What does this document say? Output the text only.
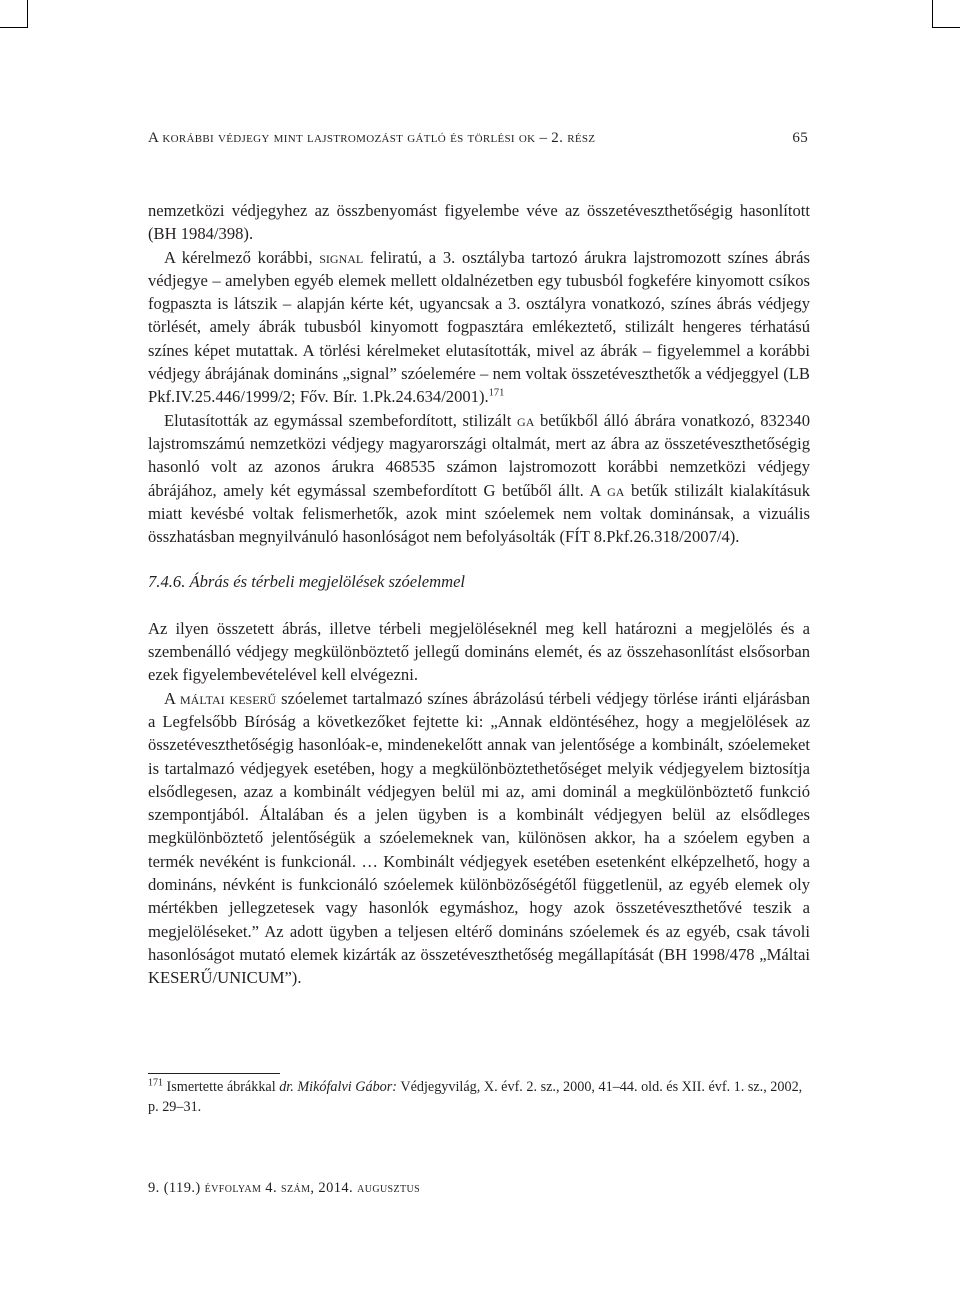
A korábbi védjegy mint lajstromozást gátló és törlési ok – 2. rész	65

nemzetközi védjegyhez az összbenyomást figyelembe véve az összetéveszthetőségig hasonlított (BH 1984/398).

A kérelmező korábbi, signal feliratú, a 3. osztályba tartozó árukra lajstromozott színes ábrás védjegye – amelyben egyéb elemek mellett oldalnézetben egy tubusból fogkefére kinyomott csíkos fogpaszta is látszik – alapján kérte két, ugyancsak a 3. osztályra vonatkozó, színes ábrás védjegy törlését, amely ábrák tubusból kinyomott fogpasztára emlékeztető, stilizált hengeres térhatású színes képet mutattak. A törlési kérelmeket elutasították, mivel az ábrák – figyelemmel a korábbi védjegy ábrájának domináns „signal” szóelemére – nem voltak összetéveszthetők a védjeggyel (LB Pkf.IV.25.446/1999/2; Főv. Bír. 1.Pk.24.634/2001).$^{171}$

Elutasították az egymással szembefordított, stilizált ga betűkből álló ábrára vonatkozó, 832340 lajstromszámú nemzetközi védjegy magyarországi oltalmát, mert az ábra az összetéveszthetőségig hasonló volt az azonos árukra 468535 számon lajstromozott korábbi nemzetközi védjegy ábrájához, amely két egymással szembefordított G betűből állt. A ga betűk stilizált kialakításuk miatt kevésbé voltak felismerhetők, azok mint szóelemek nem voltak dominánsak, a vizuális összhatásban megnyilvánuló hasonlóságot nem befolyásolták (FÍT 8.Pkf.26.318/2007/4).

7.4.6. Ábrás és térbeli megjelölések szóelemmel

Az ilyen összetett ábrás, illetve térbeli megjelöléseknél meg kell határozni a megjelölés és a szembenálló védjegy megkülönböztető jellegű domináns elemét, és az összehasonlítást elsősorban ezek figyelembevételével kell elvégezni.

A máltai keserű szóelemet tartalmazó színes ábrázolású térbeli védjegy törlése iránti eljárásban a Legfelsőbb Bíróság a következőket fejtette ki: „Annak eldöntéséhez, hogy a megjelölések az összetéveszthetőségig hasonlóak-e, mindenekelőtt annak van jelentősége a kombinált, szóelemeket is tartalmazó védjegyek esetében, hogy a megkülönböztethetőséget melyik védjegyelem biztosítja elsődlegesen, azaz a kombinált védjegyen belül mi az, ami dominál a megkülönböztető funkció szempontjából. Általában és a jelen ügyben is a kombinált védjegyen belül az elsődleges megkülönböztető jelentőségük a szóelemeknek van, különösen akkor, ha a szóelem egyben a termék nevéként is funkcionál. … Kombinált védjegyek esetében esetenként elképzelhető, hogy a domináns, névként is funkcionáló szóelemek különbözőségétől függetlenül, az egyéb elemek oly mértékben jellegzetesek vagy hasonlók egymáshoz, hogy azok összetéveszthetővé teszik a megjelöléseket.” Az adott ügyben a teljesen eltérő domináns szóelemek és az egyéb, csak távoli hasonlóságot mutató elemek kizárták az összetéveszthetőség megállapítását (BH 1998/478 „Máltai KESERŰ/UNICUM”).

$^{171}$ Ismertette ábrákkal dr. Mikófalvi Gábor: Védjegyvilág, X. évf. 2. sz., 2000, 41–44. old. és XII. évf. 1. sz., 2002, p. 29–31.
9. (119.) évfolyam 4. szám, 2014. augusztus
